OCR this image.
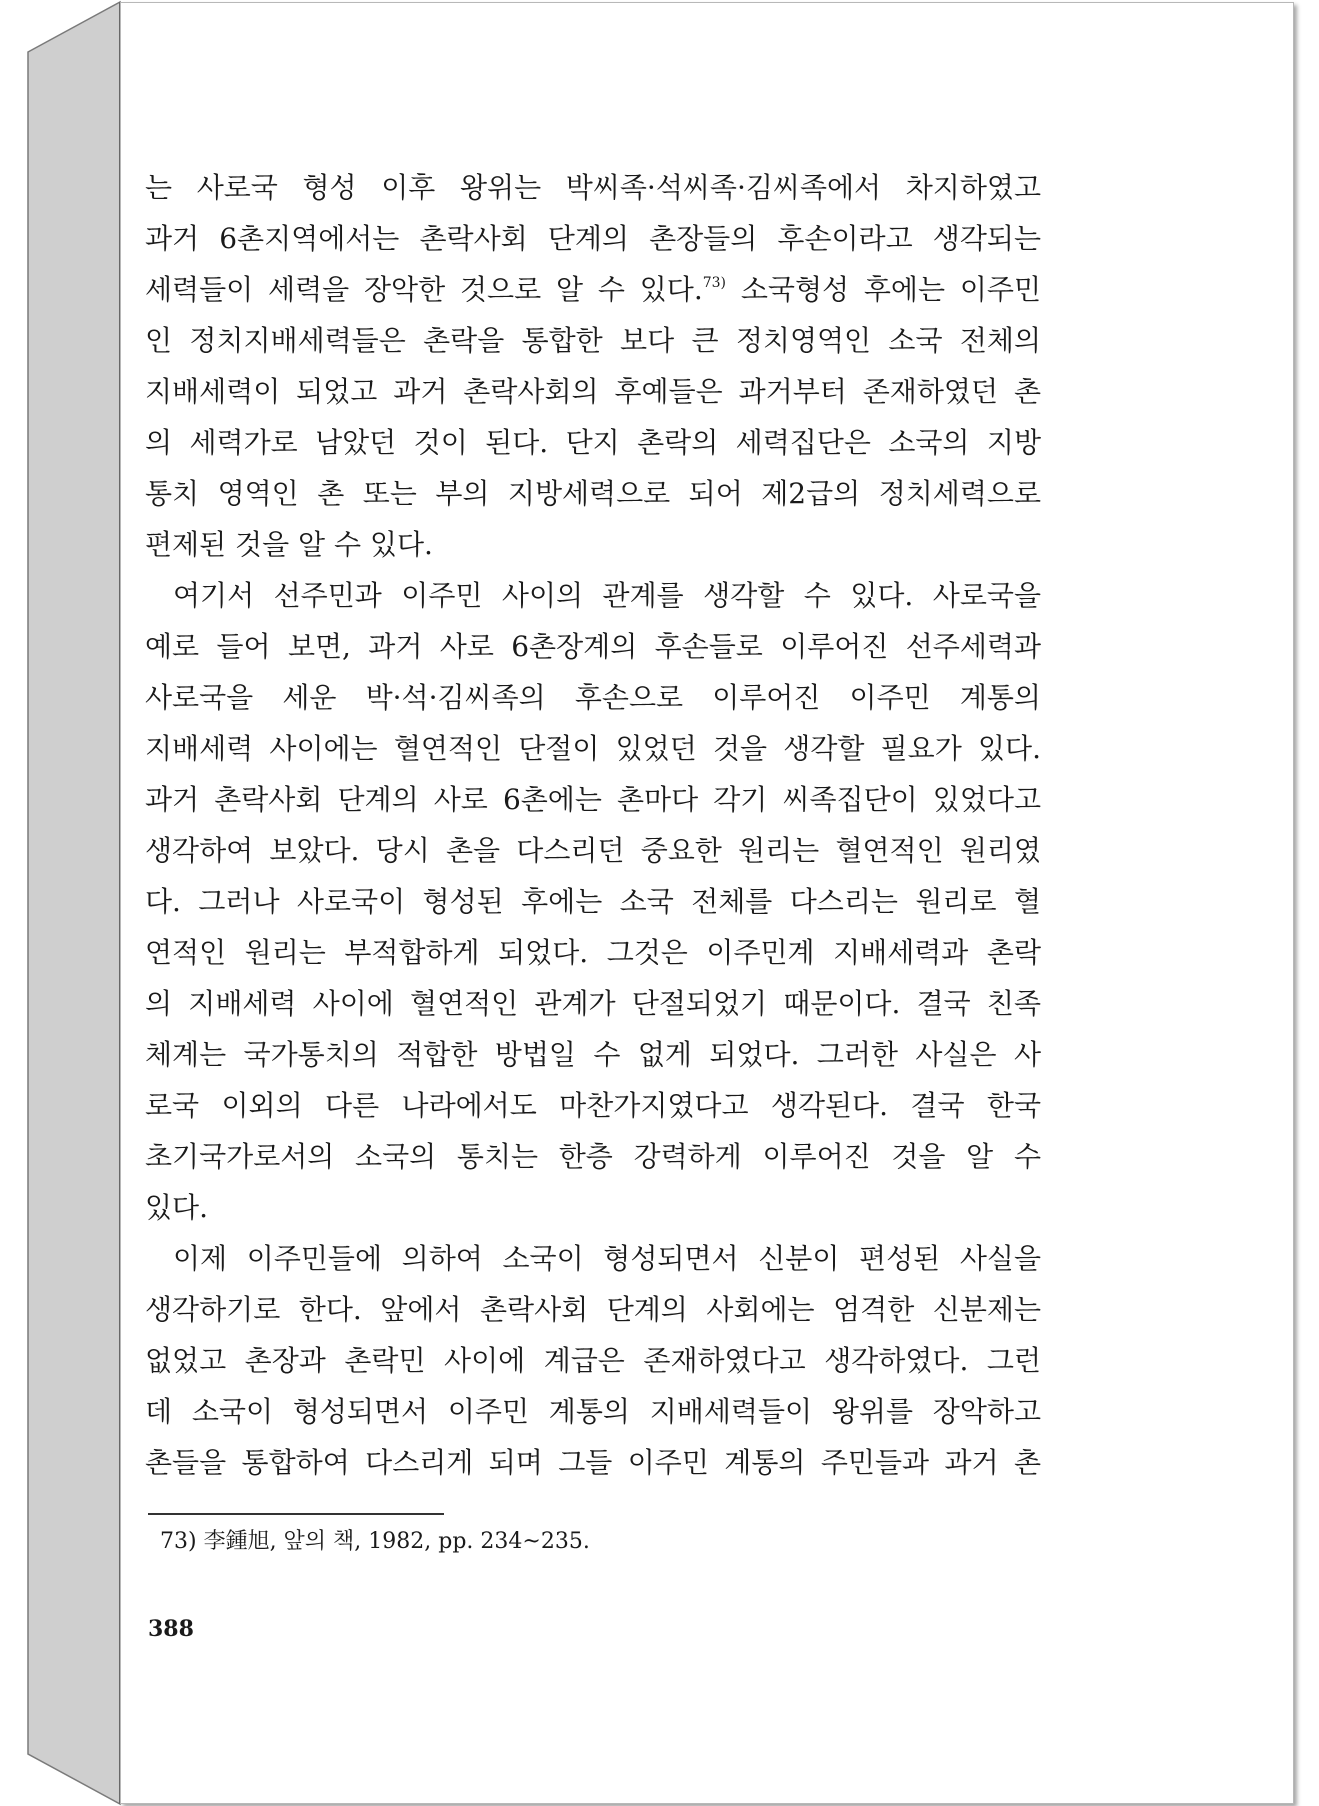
는 사로국 형성 이후 왕위는 박씨족·석씨족·김씨족에서 차지하였고
과거 6촌지역에서는 촌락사회 단계의 촌장들의 후손이라고 생각되는
세력들이 세력을 장악한 것으로 알 수 있다.$^{73)}$ 소국형성 후에는 이주민
인 정치지배세력들은 촌락을 통합한 보다 큰 정치영역인 소국 전체의
지배세력이 되었고 과거 촌락사회의 후예들은 과거부터 존재하였던 촌
의 세력가로 남았던 것이 된다. 단지 촌락의 세력집단은 소국의 지방
통치 영역인 촌 또는 부의 지방세력으로 되어 제2급의 정치세력으로
편제된 것을 알 수 있다.
여기서 선주민과 이주민 사이의 관계를 생각할 수 있다. 사로국을
예로 들어 보면, 과거 사로 6촌장계의 후손들로 이루어진 선주세력과
사로국을 세운 박·석·김씨족의 후손으로 이루어진 이주민 계통의
지배세력 사이에는 혈연적인 단절이 있었던 것을 생각할 필요가 있다.
과거 촌락사회 단계의 사로 6촌에는 촌마다 각기 씨족집단이 있었다고
생각하여 보았다. 당시 촌을 다스리던 중요한 원리는 혈연적인 원리였
다. 그러나 사로국이 형성된 후에는 소국 전체를 다스리는 원리로 혈
연적인 원리는 부적합하게 되었다. 그것은 이주민계 지배세력과 촌락
의 지배세력 사이에 혈연적인 관계가 단절되었기 때문이다. 결국 친족
체계는 국가통치의 적합한 방법일 수 없게 되었다. 그러한 사실은 사
로국 이외의 다른 나라에서도 마찬가지였다고 생각된다. 결국 한국
초기국가로서의 소국의 통치는 한층 강력하게 이루어진 것을 알 수
있다.
이제 이주민들에 의하여 소국이 형성되면서 신분이 편성된 사실을
생각하기로 한다. 앞에서 촌락사회 단계의 사회에는 엄격한 신분제는
없었고 촌장과 촌락민 사이에 계급은 존재하였다고 생각하였다. 그런
데 소국이 형성되면서 이주민 계통의 지배세력들이 왕위를 장악하고
촌들을 통합하여 다스리게 되며 그들 이주민 계통의 주민들과 과거 촌
73) 李鍾旭, 앞의 책, 1982, pp. 234~235.
388
